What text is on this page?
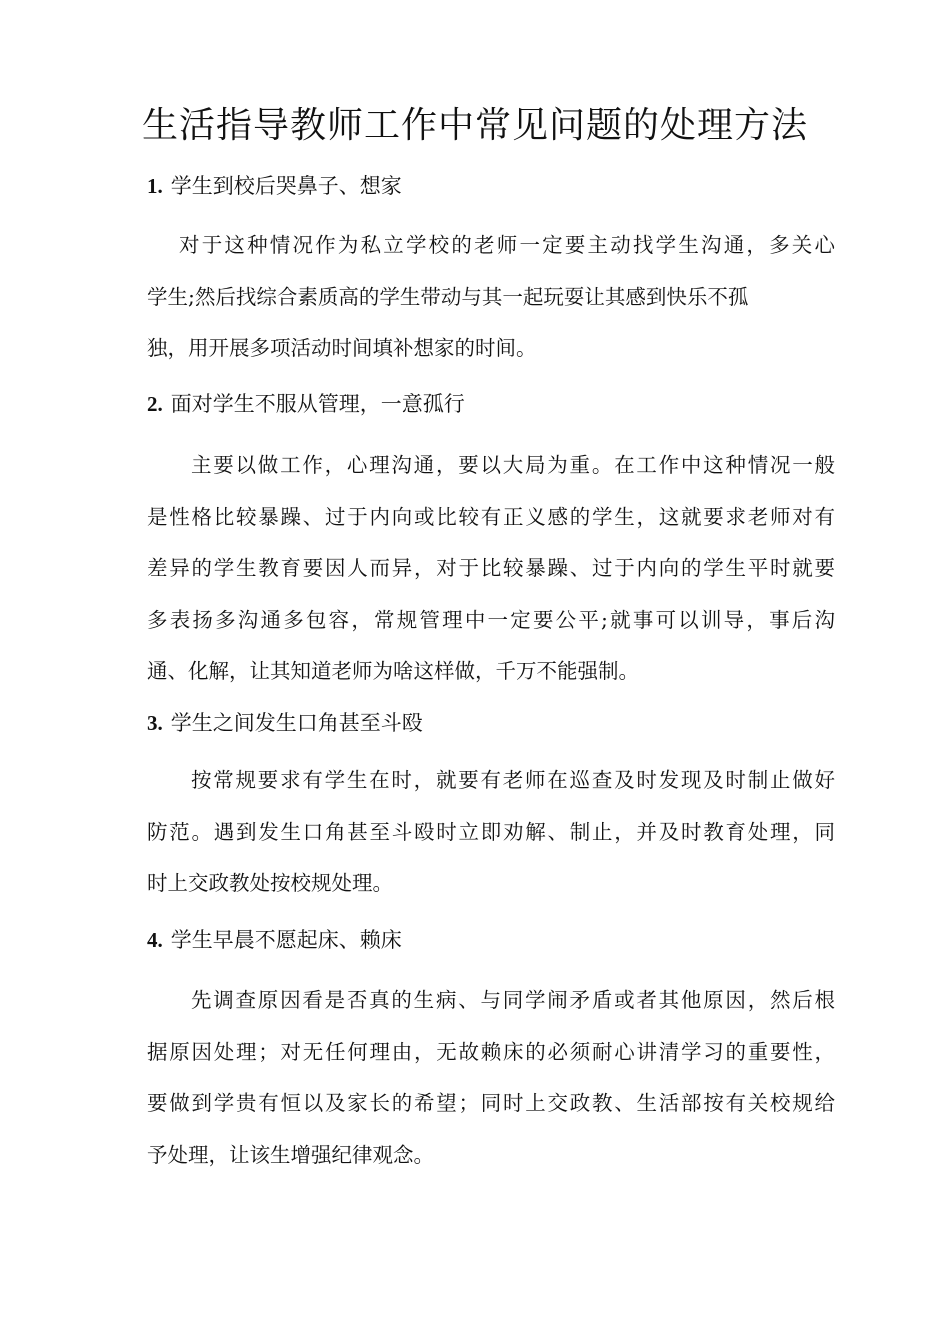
生活指导教师工作中常见问题的处理方法
1. 学生到校后哭鼻子、想家
对于这种情况作为私立学校的老师一定要主动找学生沟通，多关心
学生;然后找综合素质高的学生带动与其一起玩耍让其感到快乐不孤
独，用开展多项活动时间填补想家的时间。
2. 面对学生不服从管理，一意孤行
主要以做工作，心理沟通，要以大局为重。在工作中这种情况一般
是性格比较暴躁、过于内向或比较有正义感的学生，这就要求老师对有
差异的学生教育要因人而异，对于比较暴躁、过于内向的学生平时就要
多表扬多沟通多包容，常规管理中一定要公平;就事可以训导，事后沟
通、化解，让其知道老师为啥这样做，千万不能强制。
3. 学生之间发生口角甚至斗殴
按常规要求有学生在时，就要有老师在巡查及时发现及时制止做好
防范。遇到发生口角甚至斗殴时立即劝解、制止，并及时教育处理，同
时上交政教处按校规处理。
4. 学生早晨不愿起床、赖床
先调查原因看是否真的生病、与同学闹矛盾或者其他原因，然后根
据原因处理；对无任何理由，无故赖床的必须耐心讲清学习的重要性，
要做到学贵有恒以及家长的希望；同时上交政教、生活部按有关校规给
予处理，让该生增强纪律观念。
